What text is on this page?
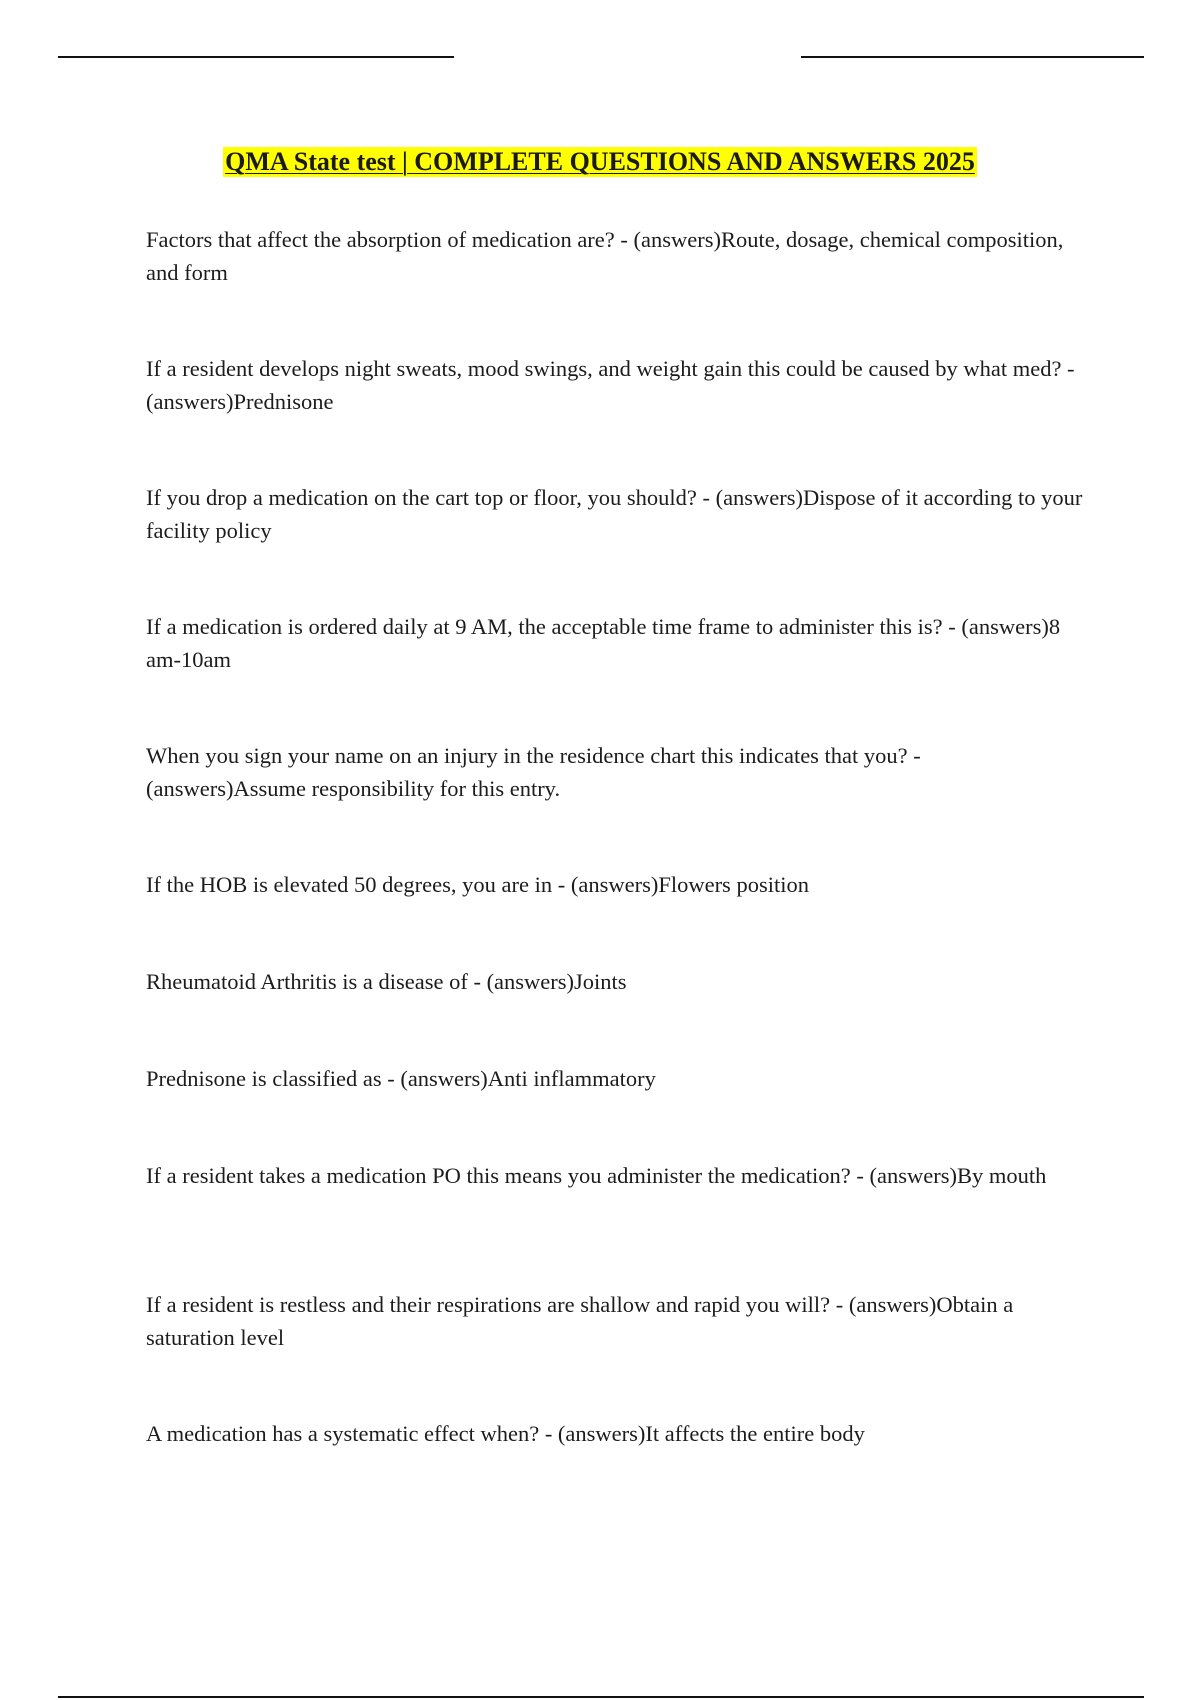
QMA State test | COMPLETE QUESTIONS AND ANSWERS 2025

Factors that affect the absorption of medication are? - (answers)Route, dosage, chemical composition, and form

If a resident develops night sweats, mood swings, and weight gain this could be caused by what med? - (answers)Prednisone

If you drop a medication on the cart top or floor, you should? - (answers)Dispose of it according to your facility policy

If a medication is ordered daily at 9 AM, the acceptable time frame to administer this is? - (answers)8 am-10am

When you sign your name on an injury in the residence chart this indicates that you? - (answers)Assume responsibility for this entry.

If the HOB is elevated 50 degrees, you are in - (answers)Flowers position

Rheumatoid Arthritis is a disease of - (answers)Joints

Prednisone is classified as - (answers)Anti inflammatory

If a resident takes a medication PO this means you administer the medication? - (answers)By mouth

If a resident is restless and their respirations are shallow and rapid you will? - (answers)Obtain a saturation level

A medication has a systematic effect when? - (answers)It affects the entire body
